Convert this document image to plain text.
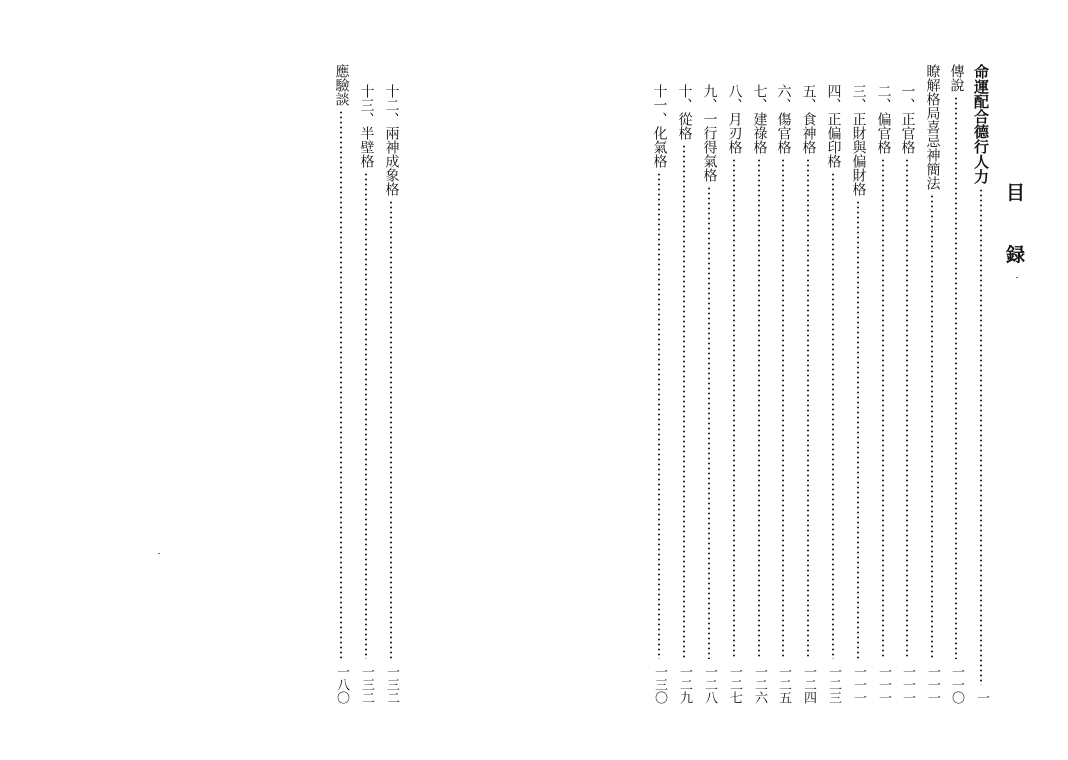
目
録
命運配合德行人力
一
傳說
一一〇
瞭解格局喜忌神簡法
一一一
一、正官格
一一一
二、偏官格
一一一
三、正財與偏財格
一一一
四、正偏印格
一二三
五、食神格
一二四
六、傷官格
一二五
七、建祿格
一二六
八、月刃格
一二七
九、一行得氣格
一二八
十、從格
一二九
十一、化氣格
一三〇
十二、兩神成象格
一三二
十三、半壁格
一三二
應驗談
一八〇
